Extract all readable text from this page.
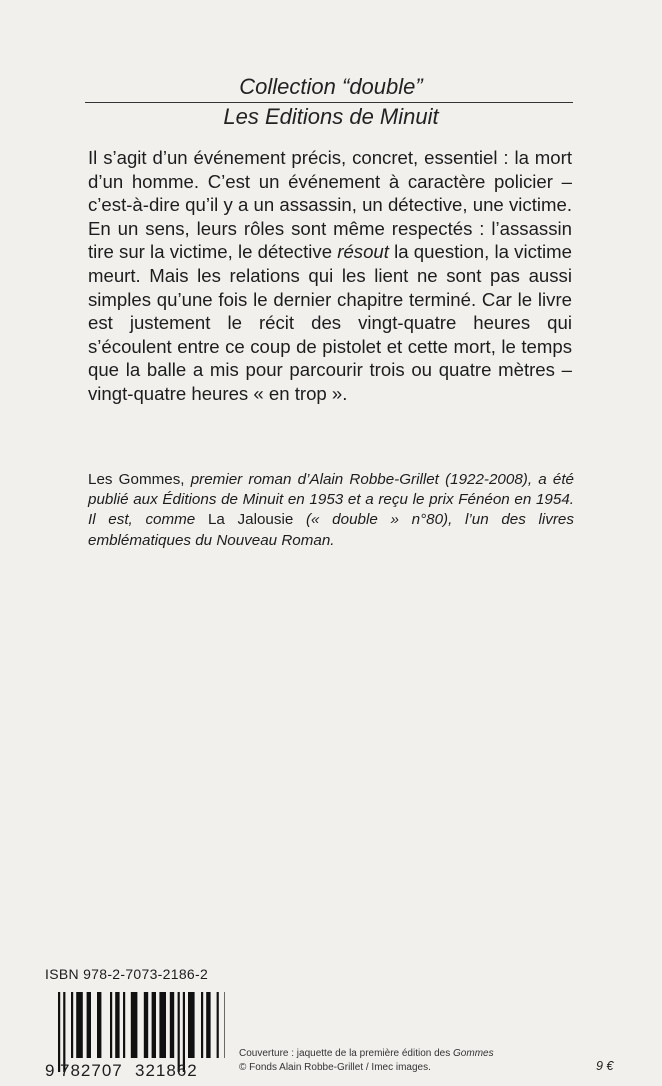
Collection “double”
Les Editions de Minuit

Il s’agit d’un événement précis, concret, essentiel : la mort d’un homme. C’est un événement à caractère policier – c’est-à-dire qu’il y a un assassin, un détective, une victime. En un sens, leurs rôles sont même respectés : l’assassin tire sur la victime, le détective résout la question, la victime meurt. Mais les relations qui les lient ne sont pas aussi simples qu’une fois le dernier chapitre terminé. Car le livre est justement le récit des vingt-quatre heures qui s’écoulent entre ce coup de pistolet et cette mort, le temps que la balle a mis pour parcourir trois ou quatre mètres – vingt-quatre heures « en trop ».

Les Gommes, premier roman d’Alain Robbe-Grillet (1922-2008), a été publié aux Éditions de Minuit en 1953 et a reçu le prix Fénéon en 1954. Il est, comme La Jalousie (« double » n°80), l’un des livres emblématiques du Nouveau Roman.
ISBN 978-2-7073-2186-2
9 782707 321862
Couverture : jaquette de la première édition des Gommes
© Fonds Alain Robbe-Grillet / Imec images.	9 €
